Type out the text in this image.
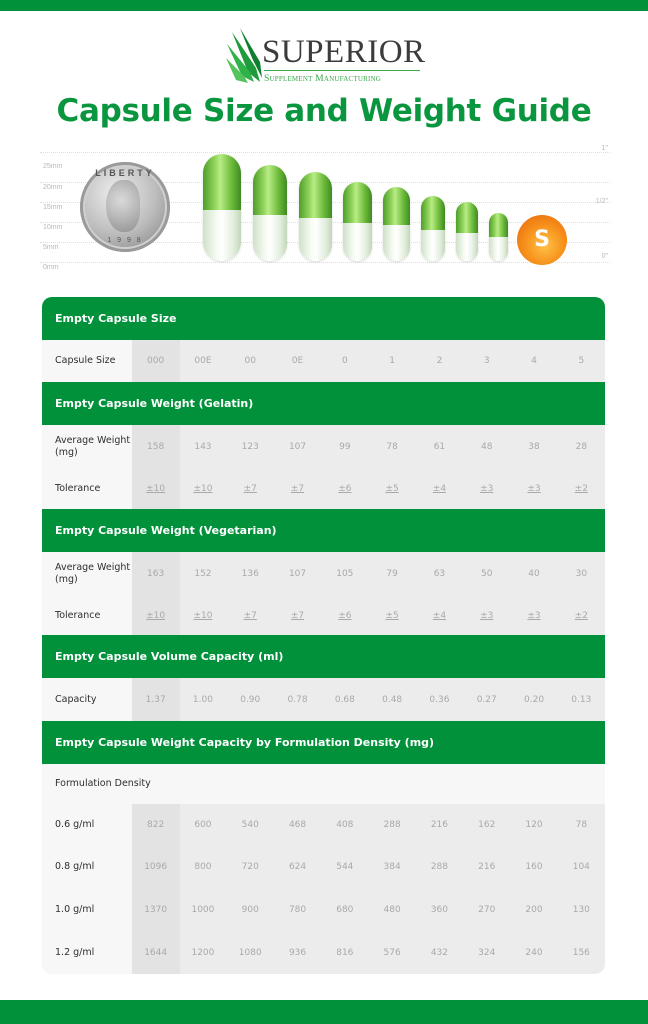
SUPERIOR
Supplement Manufacturing
Capsule Size and Weight Guide
25mm
20mm
15mm
10mm
5mm
0mm
1"
1/2"
0"
LIBERTY
1 9 9 8	S
Empty Capsule Size
Capsule Size	000	00E	00	0E	0	1	2	3	4	5
Empty Capsule Weight (Gelatin)
Average Weight (mg)	158	143	123	107	99	78	61	48	38	28
Tolerance	±10	±10	±7	±7	±6	±5	±4	±3	±3	±2
Empty Capsule Weight (Vegetarian)
Average Weight (mg)	163	152	136	107	105	79	63	50	40	30
Tolerance	±10	±10	±7	±7	±6	±5	±4	±3	±3	±2
Empty Capsule Volume Capacity (ml)
Capacity	1.37	1.00	0.90	0.78	0.68	0.48	0.36	0.27	0.20	0.13
Empty Capsule Weight Capacity by Formulation Density (mg)
Formulation Density
0.6 g/ml	822	600	540	468	408	288	216	162	120	78
0.8 g/ml	1096	800	720	624	544	384	288	216	160	104
1.0 g/ml	1370	1000	900	780	680	480	360	270	200	130
1.2 g/ml	1644	1200	1080	936	816	576	432	324	240	156
